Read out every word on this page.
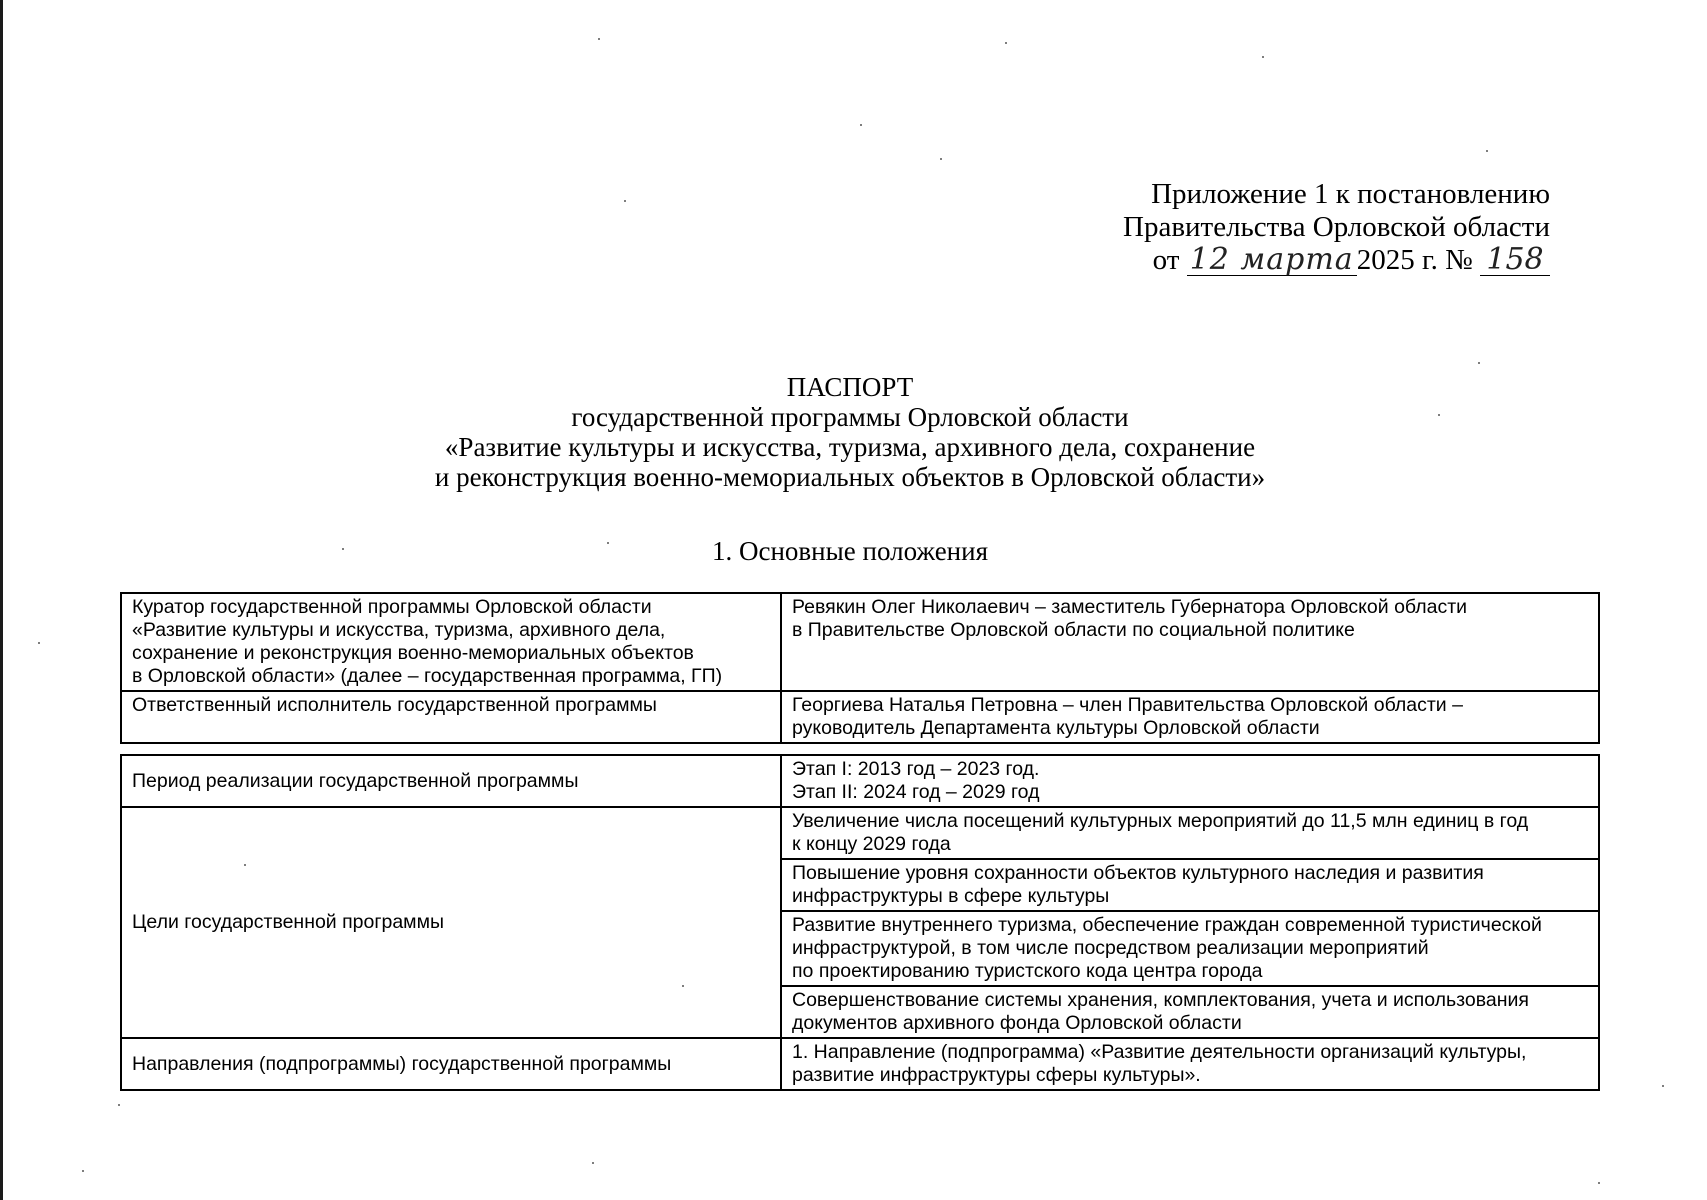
Приложение 1 к постановлению
Правительства Орловской области
от 12 марта 2025 г. № 158
ПАСПОРТ
государственной программы Орловской области
«Развитие культуры и искусства, туризма, архивного дела, сохранение
и реконструкция военно-мемориальных объектов в Орловской области»
1. Основные положения
Куратор государственной программы Орловской области
«Развитие культуры и искусства, туризма, архивного дела,
сохранение и реконструкция военно-мемориальных объектов
в Орловской области» (далее – государственная программа, ГП)	Ревякин Олег Николаевич – заместитель Губернатора Орловской области
в Правительстве Орловской области по социальной политике

Ответственный исполнитель государственной программы	Георгиева Наталья Петровна – член Правительства Орловской области –
руководитель Департамента культуры Орловской области
Период реализации государственной программы	Этап I: 2013 год – 2023 год.
Этап II: 2024 год – 2029 год

Цели государственной программы	Увеличение числа посещений культурных мероприятий до 11,5 млн единиц в год
к концу 2029 года

	Повышение уровня сохранности объектов культурного наследия и развития
инфраструктуры в сфере культуры

	Развитие внутреннего туризма, обеспечение граждан современной туристической
инфраструктурой, в том числе посредством реализации мероприятий
по проектированию туристского кода центра города

	Совершенствование системы хранения, комплектования, учета и использования
документов архивного фонда Орловской области

Направления (подпрограммы) государственной программы	1. Направление (подпрограмма) «Развитие деятельности организаций культуры,
развитие инфраструктуры сферы культуры».
